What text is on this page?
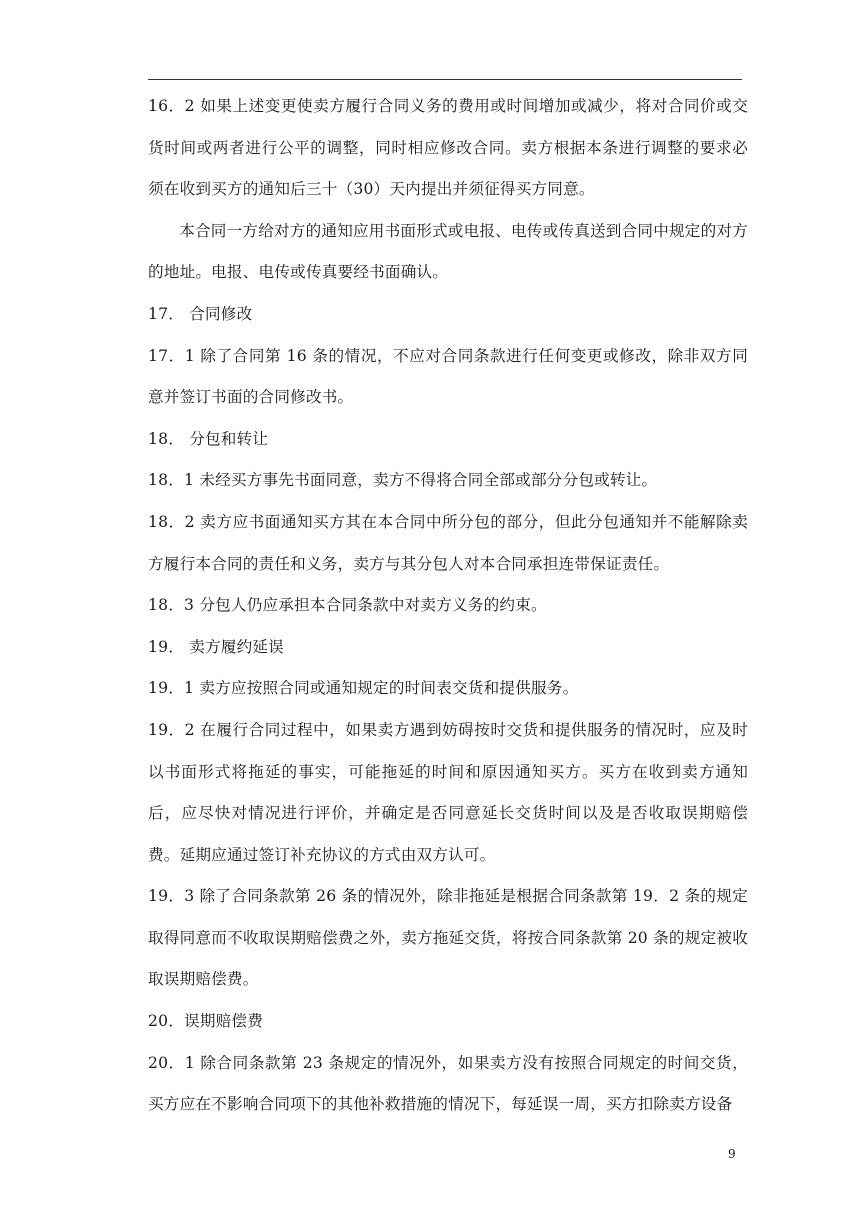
16．2 如果上述变更使卖方履行合同义务的费用或时间增加或减少，将对合同价或交货时间或两者进行公平的调整，同时相应修改合同。卖方根据本条进行调整的要求必须在收到买方的通知后三十（30）天内提出并须征得买方同意。

本合同一方给对方的通知应用书面形式或电报、电传或传真送到合同中规定的对方的地址。电报、电传或传真要经书面确认。

17． 合同修改

17．1 除了合同第 16 条的情况，不应对合同条款进行任何变更或修改，除非双方同意并签订书面的合同修改书。

18． 分包和转让

18．1 未经买方事先书面同意，卖方不得将合同全部或部分分包或转让。

18．2 卖方应书面通知买方其在本合同中所分包的部分，但此分包通知并不能解除卖方履行本合同的责任和义务，卖方与其分包人对本合同承担连带保证责任。

18．3 分包人仍应承担本合同条款中对卖方义务的约束。

19． 卖方履约延误

19．1 卖方应按照合同或通知规定的时间表交货和提供服务。

19．2 在履行合同过程中，如果卖方遇到妨碍按时交货和提供服务的情况时，应及时以书面形式将拖延的事实，可能拖延的时间和原因通知买方。买方在收到卖方通知后，应尽快对情况进行评价，并确定是否同意延长交货时间以及是否收取误期赔偿费。延期应通过签订补充协议的方式由双方认可。

19．3 除了合同条款第 26 条的情况外，除非拖延是根据合同条款第 19．2 条的规定取得同意而不收取误期赔偿费之外，卖方拖延交货，将按合同条款第 20 条的规定被收取误期赔偿费。

20．误期赔偿费

20．1 除合同条款第 23 条规定的情况外，如果卖方没有按照合同规定的时间交货，买方应在不影响合同项下的其他补救措施的情况下，每延误一周，买方扣除卖方设备

9
